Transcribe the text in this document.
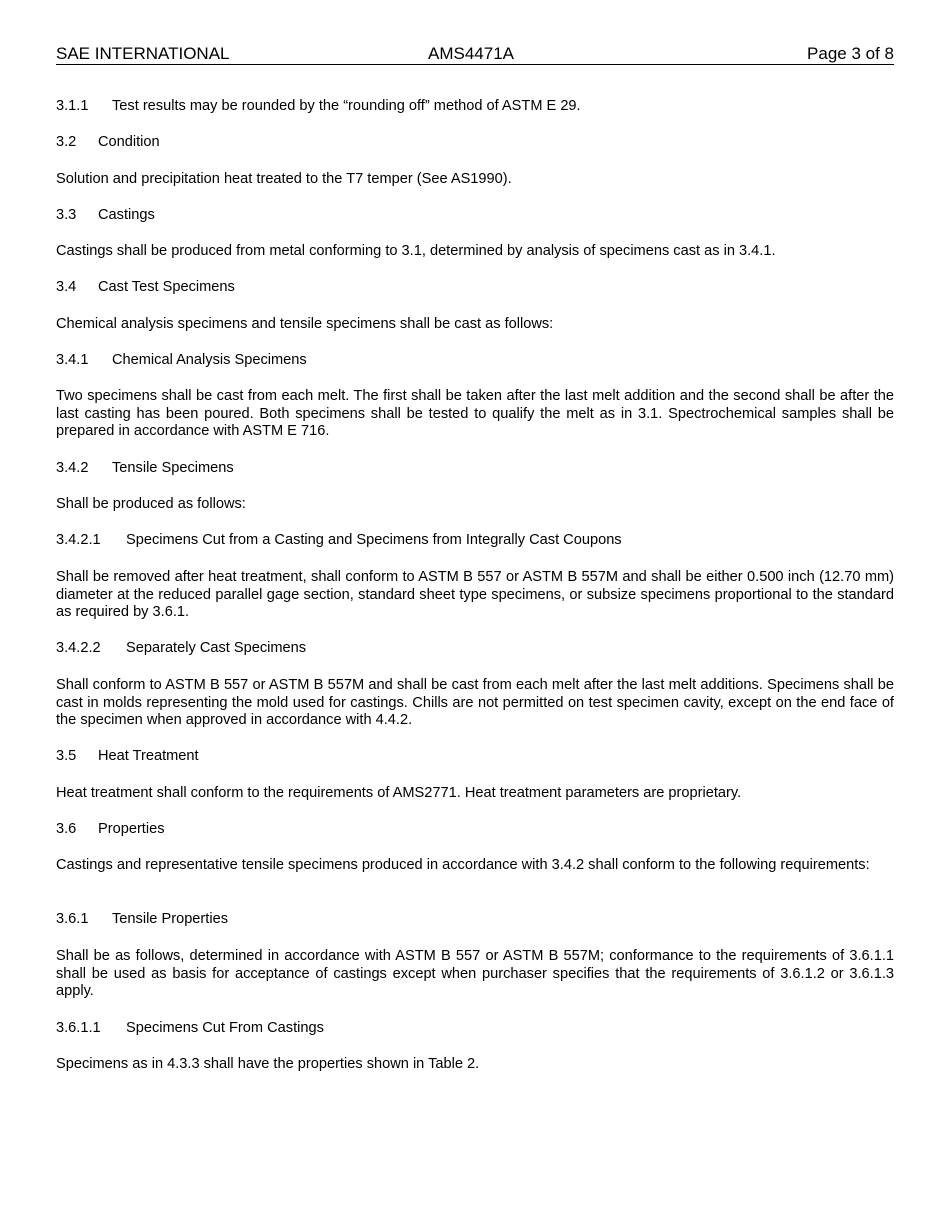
SAE INTERNATIONAL	AMS4471A	Page 3 of 8
3.1.1 Test results may be rounded by the “rounding off” method of ASTM E 29.
3.2 Condition
Solution and precipitation heat treated to the T7 temper (See AS1990).
3.3 Castings
Castings shall be produced from metal conforming to 3.1, determined by analysis of specimens cast as in 3.4.1.
3.4 Cast Test Specimens
Chemical analysis specimens and tensile specimens shall be cast as follows:
3.4.1 Chemical Analysis Specimens
Two specimens shall be cast from each melt. The first shall be taken after the last melt addition and the second shall be after the last casting has been poured. Both specimens shall be tested to qualify the melt as in 3.1. Spectrochemical samples shall be prepared in accordance with ASTM E 716.
3.4.2 Tensile Specimens
Shall be produced as follows:
3.4.2.1 Specimens Cut from a Casting and Specimens from Integrally Cast Coupons
Shall be removed after heat treatment, shall conform to ASTM B 557 or ASTM B 557M and shall be either 0.500 inch (12.70 mm) diameter at the reduced parallel gage section, standard sheet type specimens, or subsize specimens proportional to the standard as required by 3.6.1.
3.4.2.2 Separately Cast Specimens
Shall conform to ASTM B 557 or ASTM B 557M and shall be cast from each melt after the last melt additions. Specimens shall be cast in molds representing the mold used for castings. Chills are not permitted on test specimen cavity, except on the end face of the specimen when approved in accordance with 4.4.2.
3.5 Heat Treatment
Heat treatment shall conform to the requirements of AMS2771. Heat treatment parameters are proprietary.
3.6 Properties
Castings and representative tensile specimens produced in accordance with 3.4.2 shall conform to the following requirements:
3.6.1 Tensile Properties
Shall be as follows, determined in accordance with ASTM B 557 or ASTM B 557M; conformance to the requirements of 3.6.1.1 shall be used as basis for acceptance of castings except when purchaser specifies that the requirements of 3.6.1.2 or 3.6.1.3 apply.
3.6.1.1 Specimens Cut From Castings
Specimens as in 4.3.3 shall have the properties shown in Table 2.
